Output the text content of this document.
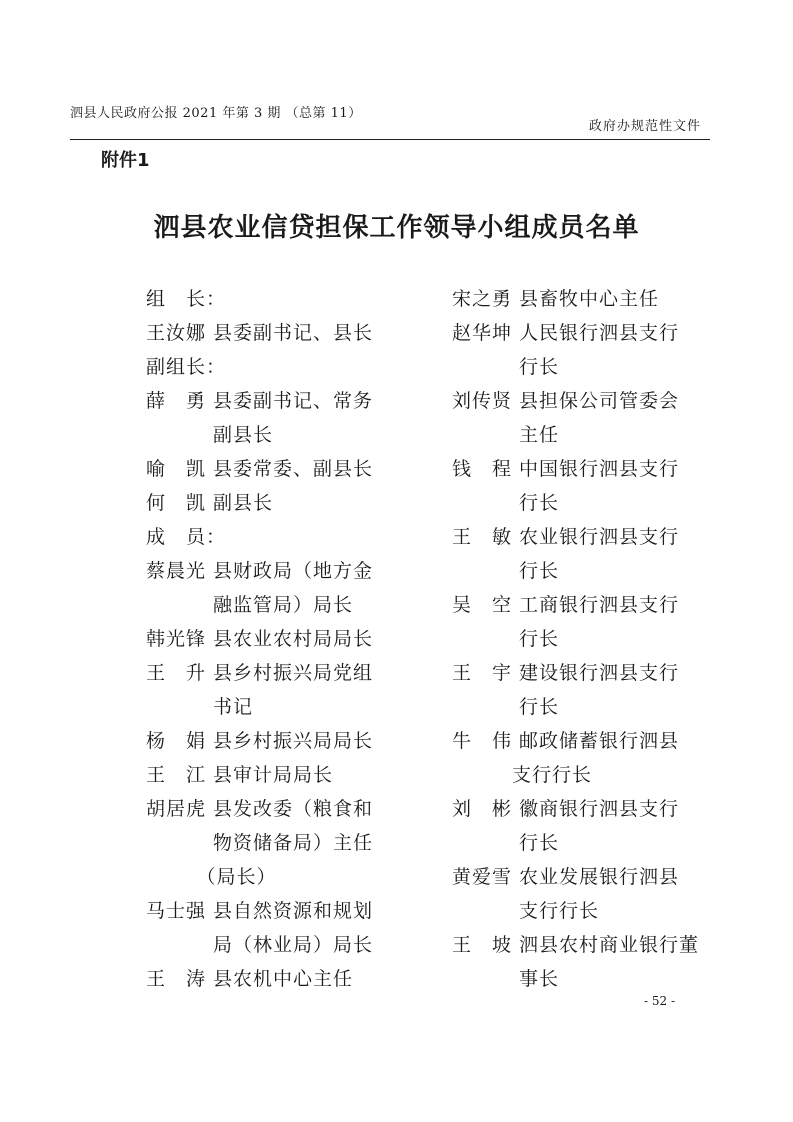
泗县人民政府公报 2021 年第 3 期 （总第 11）
政府办规范性文件
附件1
泗县农业信贷担保工作领导小组成员名单
组　长：
王汝娜 县委副书记、县长
副组长：
薛　勇 县委副书记、常务
　　　 副县长
喻　凯 县委常委、副县长
何　凯 副县长
成　员：
蔡晨光 县财政局（地方金
　　　 融监管局）局长
韩光锋 县农业农村局局长
王　升 县乡村振兴局党组
　　　 书记
杨　娟 县乡村振兴局局长
王　江 县审计局局长
胡居虎 县发改委（粮食和
　　　 物资储备局）主任
　　　（局长）
马士强 县自然资源和规划
　　　 局（林业局）局长
王　涛 县农机中心主任
宋之勇 县畜牧中心主任
赵华坤 人民银行泗县支行
　　　 行长
刘传贤 县担保公司管委会
　　　 主任
钱　程 中国银行泗县支行
　　　 行长
王　敏 农业银行泗县支行
　　　 行长
吴　空 工商银行泗县支行
　　　 行长
王　宇 建设银行泗县支行
　　　 行长
牛　伟 邮政储蓄银行泗县
　　　支行行长
刘　彬 徽商银行泗县支行
　　　 行长
黄爱雪 农业发展银行泗县
　　　 支行行长
王　坡 泗县农村商业银行董
　　　 事长
- 52 -
